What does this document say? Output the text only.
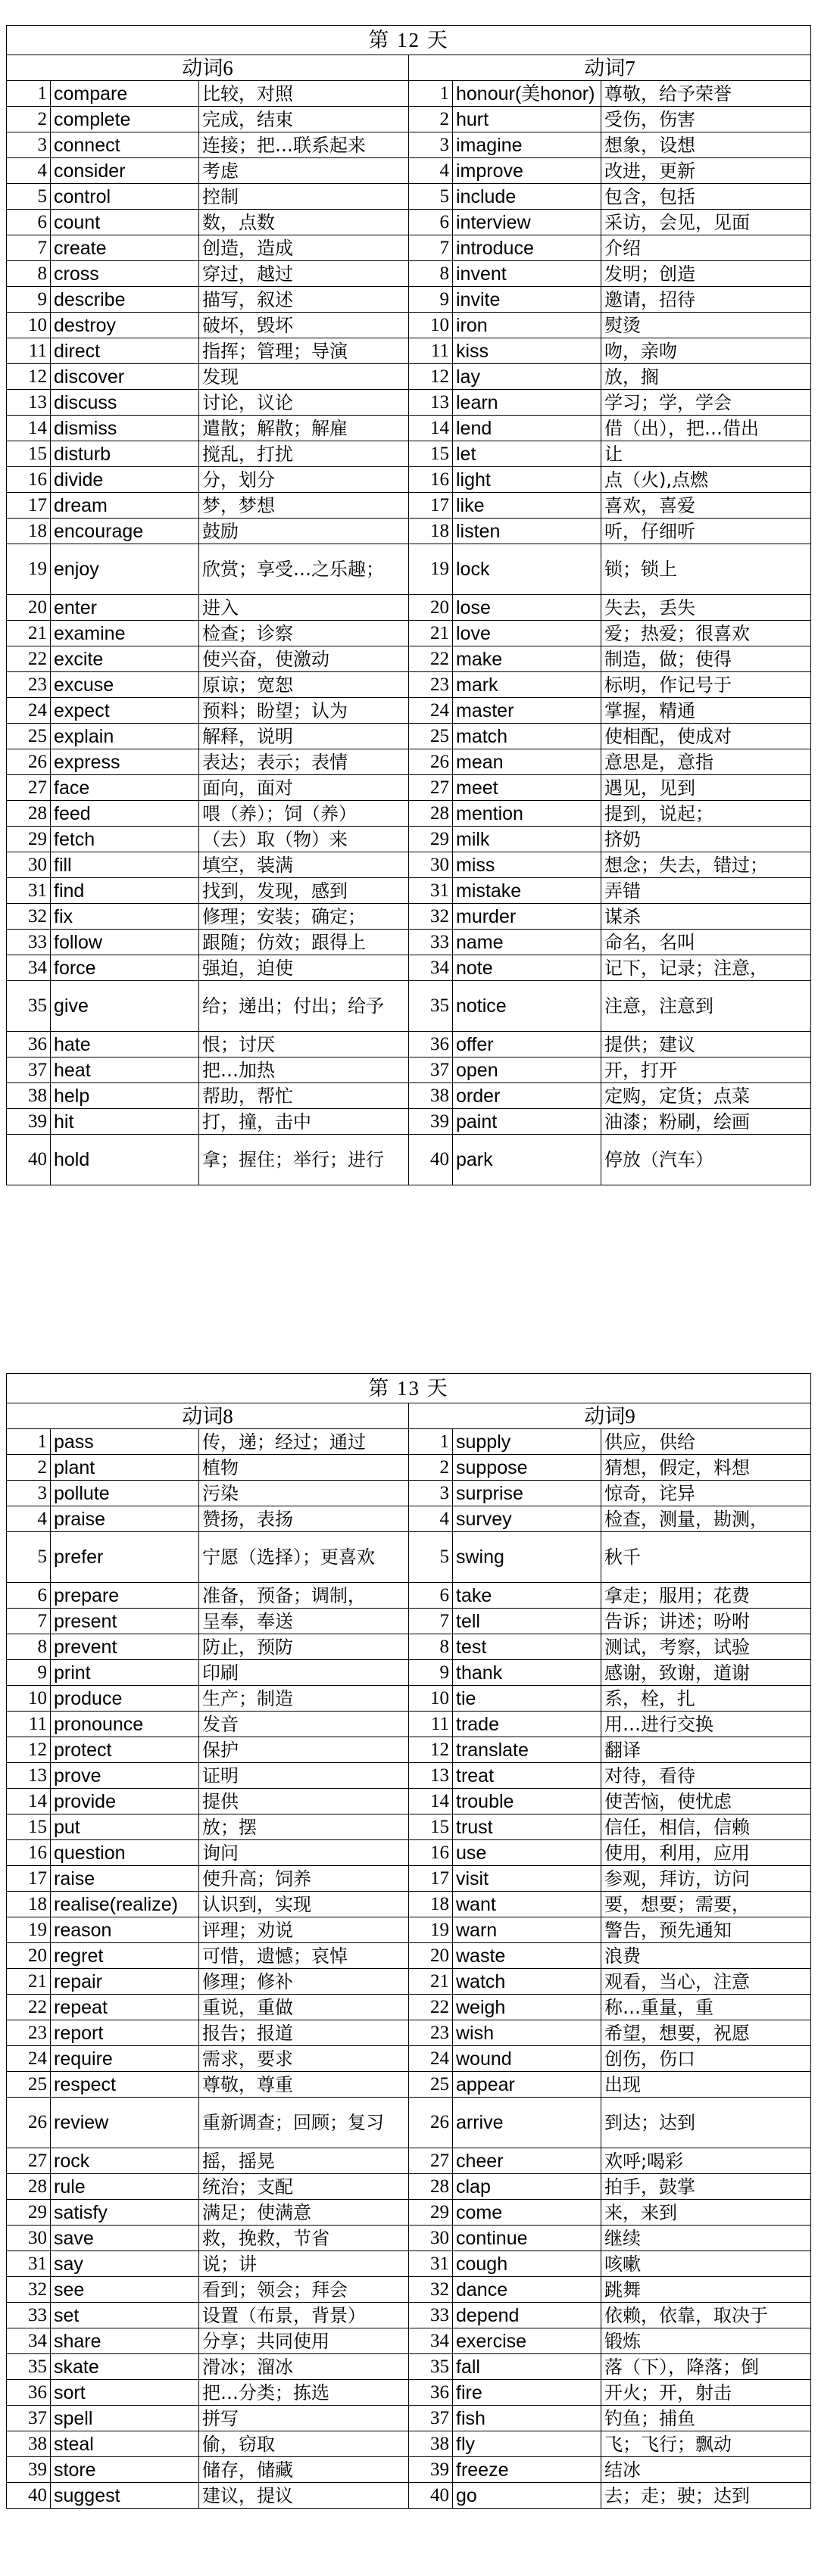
第 12 天					
动词6			动词7		
1	compare	比较，对照	1	honour(美honor)	尊敬，给予荣誉
2	complete	完成，结束	2	hurt	受伤，伤害
3	connect	连接；把…联系起来	3	imagine	想象，设想
4	consider	考虑	4	improve	改进，更新
5	control	控制	5	include	包含，包括
6	count	数，点数	6	interview	采访，会见，见面
7	create	创造，造成	7	introduce	介绍
8	cross	穿过，越过	8	invent	发明；创造
9	describe	描写，叙述	9	invite	邀请，招待
10	destroy	破坏，毁坏	10	iron	熨烫
11	direct	指挥；管理；导演	11	kiss	吻，亲吻
12	discover	发现	12	lay	放，搁
13	discuss	讨论，议论	13	learn	学习；学，学会
14	dismiss	遣散；解散；解雇	14	lend	借（出），把…借出
15	disturb	搅乱，打扰	15	let	让
16	divide	分，划分	16	light	点（火),点燃
17	dream	梦，梦想	17	like	喜欢，喜爱
18	encourage	鼓励	18	listen	听，仔细听
19	enjoy	欣赏；享受…之乐趣；	19	lock	锁；锁上
20	enter	进入	20	lose	失去，丢失
21	examine	检查；诊察	21	love	爱；热爱；很喜欢
22	excite	使兴奋，使激动	22	make	制造，做；使得
23	excuse	原谅；宽恕	23	mark	标明，作记号于
24	expect	预料；盼望；认为	24	master	掌握，精通
25	explain	解释，说明	25	match	使相配，使成对
26	express	表达；表示；表情	26	mean	意思是，意指
27	face	面向，面对	27	meet	遇见，见到
28	feed	喂（养）；饲（养）	28	mention	提到，说起；
29	fetch	（去）取（物）来	29	milk	挤奶
30	fill	填空，装满	30	miss	想念；失去，错过；
31	find	找到，发现，感到	31	mistake	弄错
32	fix	修理；安装；确定；	32	murder	谋杀
33	follow	跟随；仿效；跟得上	33	name	命名，名叫
34	force	强迫，迫使	34	note	记下，记录；注意，
35	give	给；递出；付出；给予	35	notice	注意，注意到
36	hate	恨；讨厌	36	offer	提供；建议
37	heat	把…加热	37	open	开，打开
38	help	帮助，帮忙	38	order	定购，定货；点菜
39	hit	打，撞，击中	39	paint	油漆；粉刷，绘画
40	hold	拿；握住；举行；进行	40	park	停放（汽车）
第 13 天					
动词8			动词9		
1	pass	传，递；经过；通过	1	supply	供应，供给
2	plant	植物	2	suppose	猜想，假定，料想
3	pollute	污染	3	surprise	惊奇，诧异
4	praise	赞扬，表扬	4	survey	检查，测量，勘测，
5	prefer	宁愿（选择）；更喜欢	5	swing	秋千
6	prepare	准备，预备；调制，	6	take	拿走；服用；花费
7	present	呈奉，奉送	7	tell	告诉；讲述；吩咐
8	prevent	防止，预防	8	test	测试，考察，试验
9	print	印刷	9	thank	感谢，致谢，道谢
10	produce	生产；制造	10	tie	系，栓，扎
11	pronounce	发音	11	trade	用…进行交换
12	protect	保护	12	translate	翻译
13	prove	证明	13	treat	对待，看待
14	provide	提供	14	trouble	使苦恼，使忧虑
15	put	放；摆	15	trust	信任，相信，信赖
16	question	询问	16	use	使用，利用，应用
17	raise	使升高；饲养	17	visit	参观，拜访，访问
18	realise(realize)	认识到，实现	18	want	要，想要；需要，
19	reason	评理；劝说	19	warn	警告，预先通知
20	regret	可惜，遗憾；哀悼	20	waste	浪费
21	repair	修理；修补	21	watch	观看，当心，注意
22	repeat	重说，重做	22	weigh	称…重量，重
23	report	报告；报道	23	wish	希望，想要，祝愿
24	require	需求，要求	24	wound	创伤，伤口
25	respect	尊敬，尊重	25	appear	出现
26	review	重新调查；回顾；复习	26	arrive	到达；达到
27	rock	摇，摇晃	27	cheer	欢呼;喝彩
28	rule	统治；支配	28	clap	拍手，鼓掌
29	satisfy	满足；使满意	29	come	来，来到
30	save	救，挽救，节省	30	continue	继续
31	say	说；讲	31	cough	咳嗽
32	see	看到；领会；拜会	32	dance	跳舞
33	set	设置（布景，背景）	33	depend	依赖，依靠，取决于
34	share	分享；共同使用	34	exercise	锻炼
35	skate	滑冰；溜冰	35	fall	落（下），降落；倒
36	sort	把…分类；拣选	36	fire	开火；开，射击
37	spell	拼写	37	fish	钓鱼；捕鱼
38	steal	偷，窃取	38	fly	飞；飞行；飘动
39	store	储存，储藏	39	freeze	结冰
40	suggest	建议，提议	40	go	去；走；驶；达到
